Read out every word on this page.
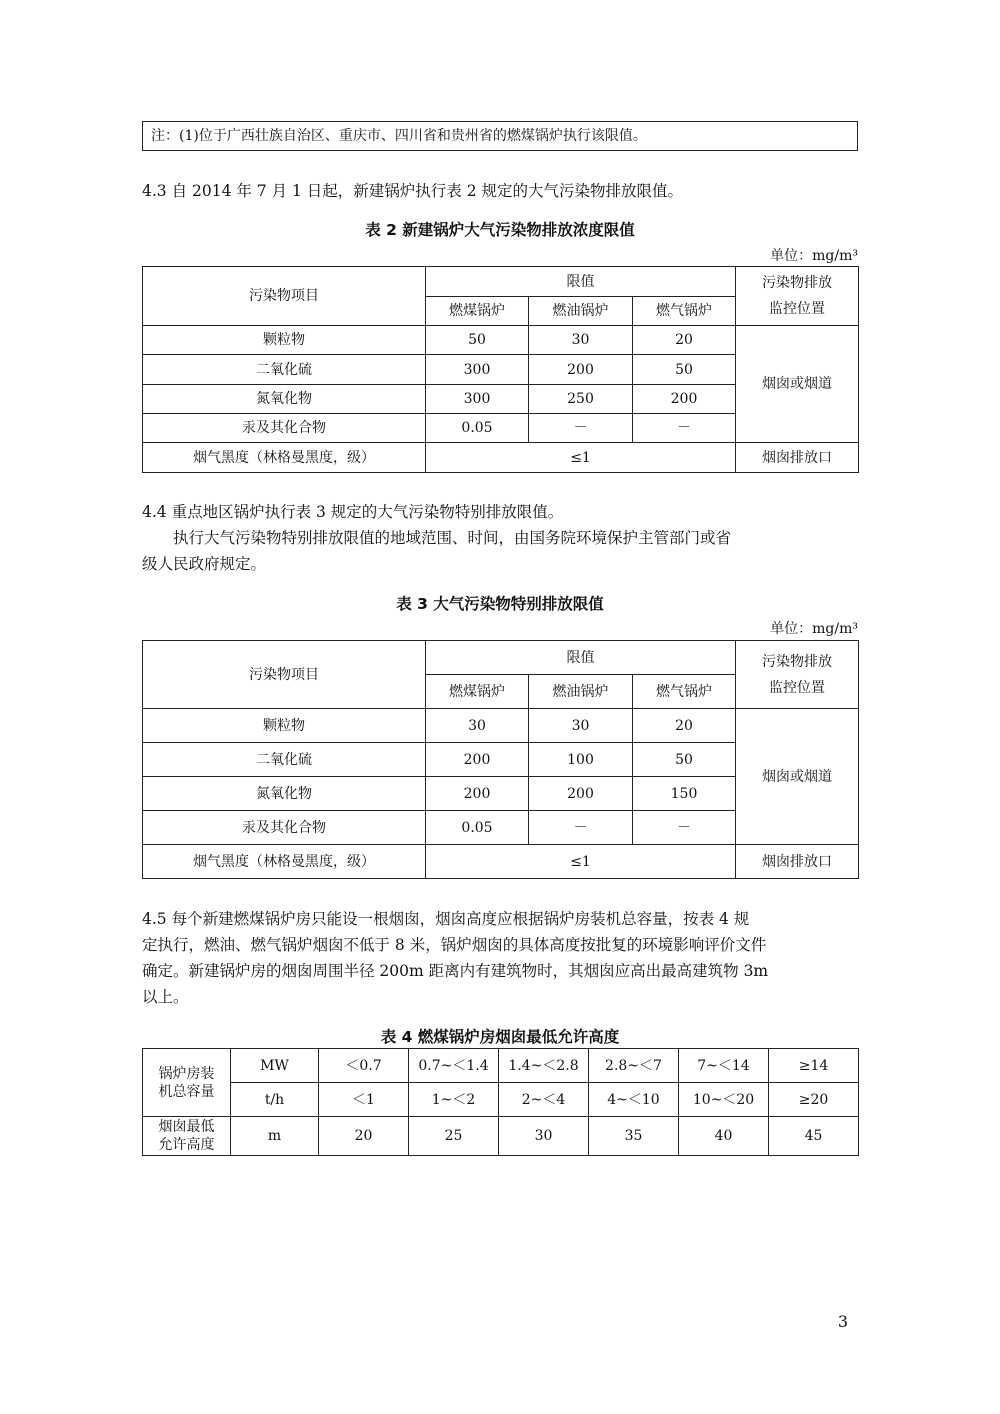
注：(1)位于广西壮族自治区、重庆市、四川省和贵州省的燃煤锅炉执行该限值。
4.3 自 2014 年 7 月 1 日起，新建锅炉执行表 2 规定的大气污染物排放限值。
表 2 新建锅炉大气污染物排放浓度限值
单位：mg/m³
污染物项目	限值			污染物排放
监控位置

	燃煤锅炉	燃油锅炉	燃气锅炉	
颗粒物	50	30	20	烟囱或烟道
二氧化硫	300	200	50	
氮氧化物	300	250	200	
汞及其化合物	0.05	－	－	
烟气黑度（林格曼黑度，级）	≤1			烟囱排放口
4.4 重点地区锅炉执行表 3 规定的大气污染物特别排放限值。
执行大气污染物特别排放限值的地域范围、时间，由国务院环境保护主管部门或省
级人民政府规定。
表 3 大气污染物特别排放限值
单位：mg/m³
污染物项目	限值			污染物排放
监控位置

	燃煤锅炉	燃油锅炉	燃气锅炉	
颗粒物	30	30	20	烟囱或烟道
二氧化硫	200	100	50	
氮氧化物	200	200	150	
汞及其化合物	0.05	－	－	
烟气黑度（林格曼黑度，级）	≤1			烟囱排放口
4.5 每个新建燃煤锅炉房只能设一根烟囱，烟囱高度应根据锅炉房装机总容量，按表 4 规
定执行，燃油、燃气锅炉烟囱不低于 8 米，锅炉烟囱的具体高度按批复的环境影响评价文件
确定。新建锅炉房的烟囱周围半径 200m 距离内有建筑物时，其烟囱应高出最高建筑物 3m
以上。
表 4 燃煤锅炉房烟囱最低允许高度
锅炉房装
机总容量	MW	＜0.7	0.7~＜1.4	1.4~＜2.8	2.8~＜7	7~＜14	≥14
	t/h	＜1	1~＜2	2~＜4	4~＜10	10~＜20	≥20

烟囱最低
允许高度	m	20	25	30	35	40	45
3
